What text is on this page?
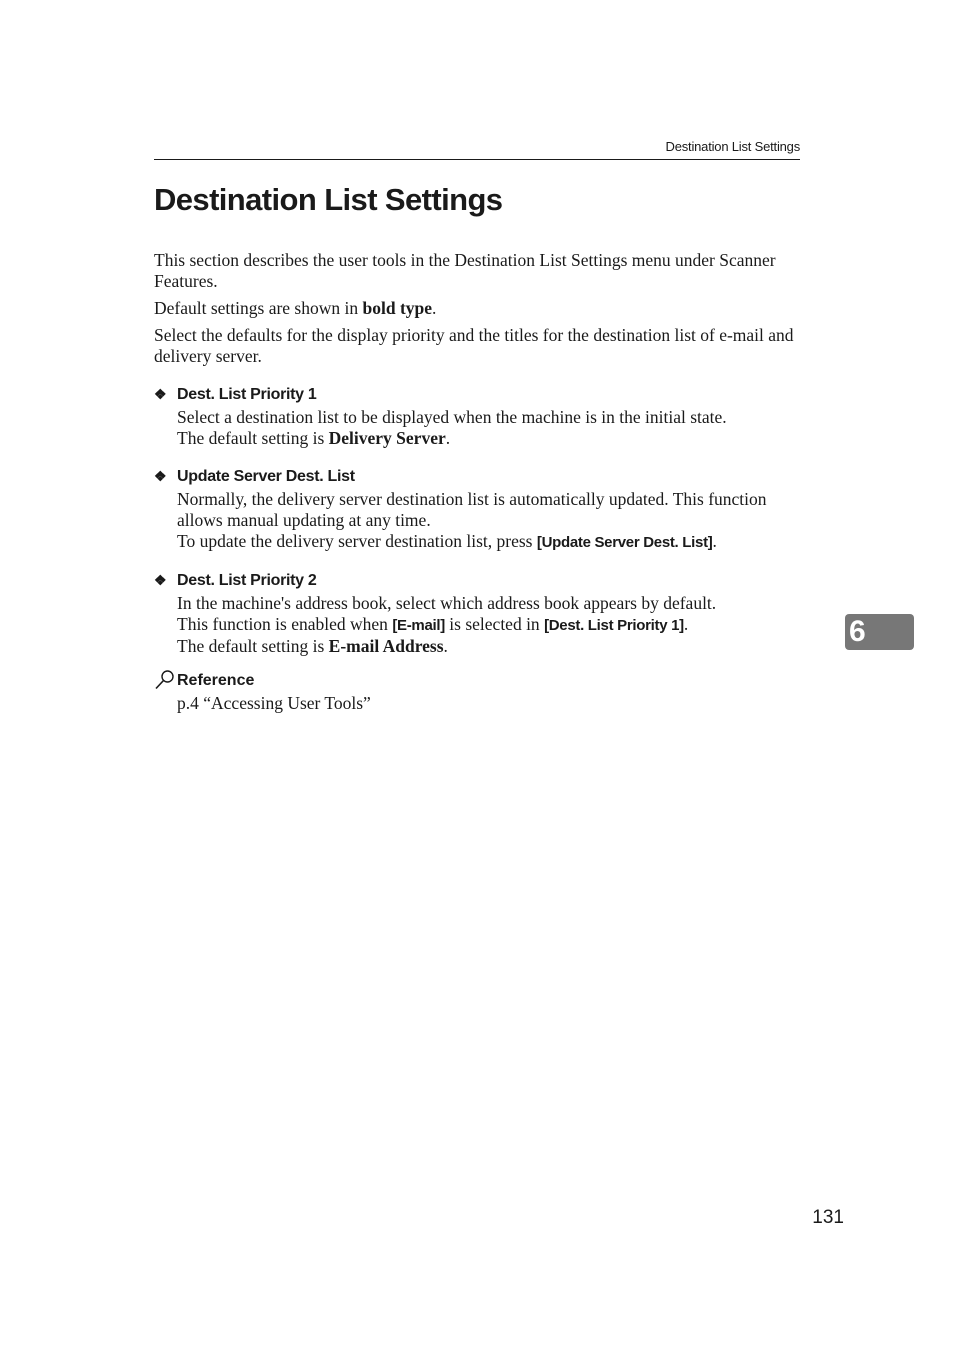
Destination List Settings
Destination List Settings

This section describes the user tools in the Destination List Settings menu under Scanner Features.

Default settings are shown in bold type.

Select the defaults for the display priority and the titles for the destination list of e-mail and delivery server.

❖ Dest. List Priority 1

Select a destination list to be displayed when the machine is in the initial state.

The default setting is Delivery Server.

❖ Update Server Dest. List

Normally, the delivery server destination list is automatically updated. This function allows manual updating at any time.

To update the delivery server destination list, press [Update Server Dest. List].

❖ Dest. List Priority 2

In the machine's address book, select which address book appears by default.

This function is enabled when [E-mail] is selected in [Dest. List Priority 1].

The default setting is E-mail Address.

Reference

p.4 “Accessing User Tools”

6
131
